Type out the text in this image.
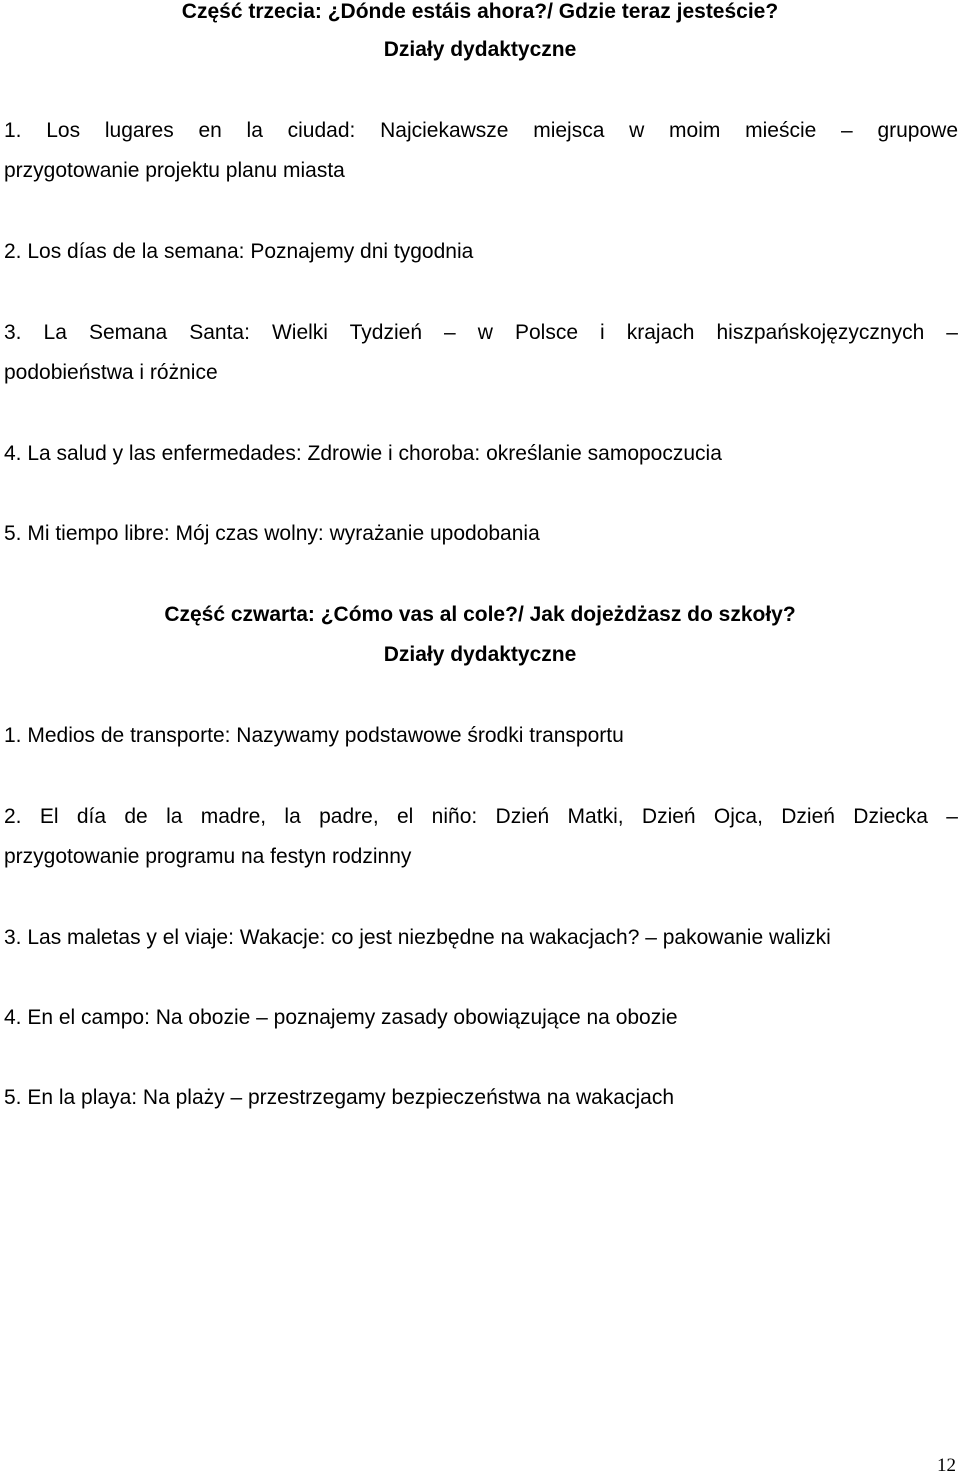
Część trzecia: ¿Dónde estáis ahora?/ Gdzie teraz jesteście?
Działy dydaktyczne
1. Los lugares en la ciudad: Najciekawsze miejsca w moim mieście – grupowe
przygotowanie projektu planu miasta
2. Los días de la semana: Poznajemy dni tygodnia
3. La Semana Santa: Wielki Tydzień – w Polsce i krajach hiszpańskojęzycznych –
podobieństwa i różnice
4. La salud y las enfermedades: Zdrowie i choroba: określanie samopoczucia
5. Mi tiempo libre: Mój czas wolny: wyrażanie upodobania
Część czwarta: ¿Cómo vas al cole?/ Jak dojeżdżasz do szkoły?
Działy dydaktyczne
1. Medios de transporte: Nazywamy podstawowe środki transportu
2. El día de la madre, la padre, el niño: Dzień Matki, Dzień Ojca, Dzień Dziecka –
przygotowanie programu na festyn rodzinny
3. Las maletas y el viaje: Wakacje: co jest niezbędne na wakacjach? – pakowanie walizki
4. En el campo: Na obozie – poznajemy zasady obowiązujące na obozie
5. En la playa: Na plaży – przestrzegamy bezpieczeństwa na wakacjach
12
